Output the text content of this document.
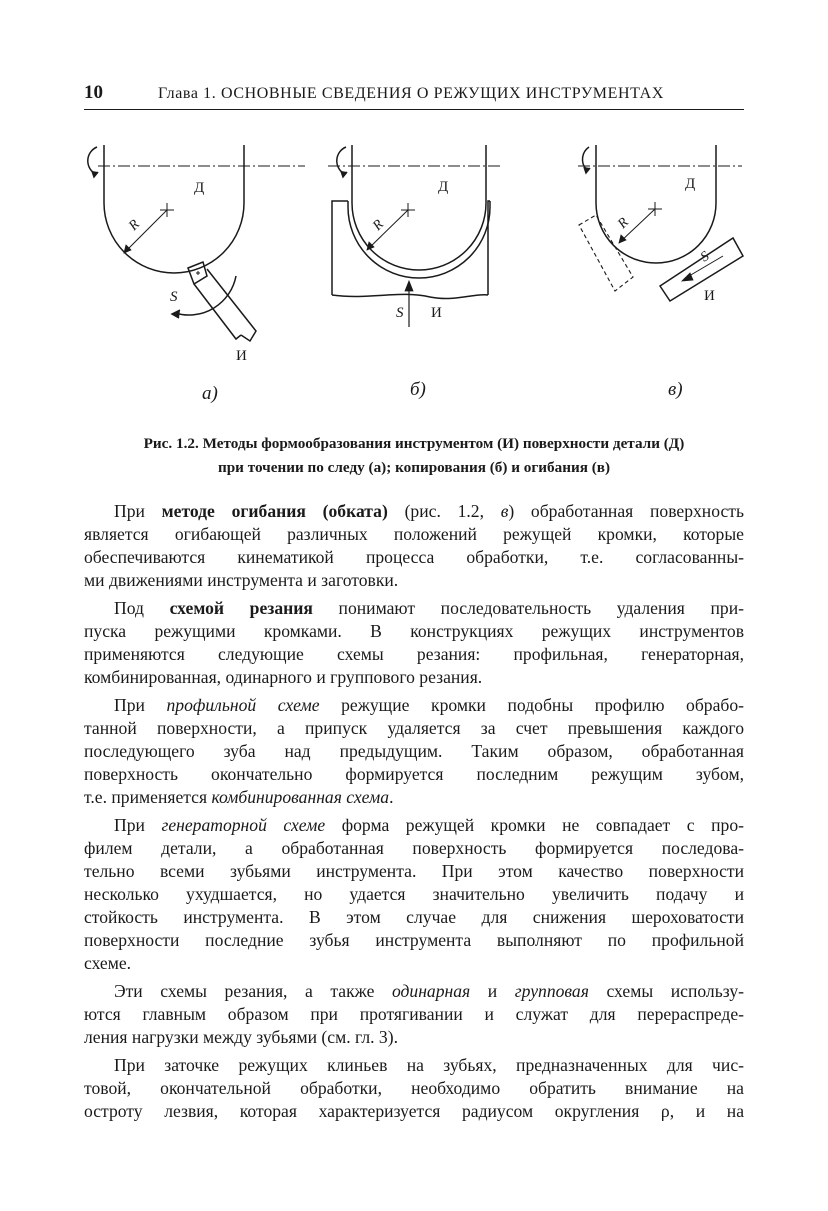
10	Глава 1. ОСНОВНЫЕ СВЕДЕНИЯ О РЕЖУЩИХ ИНСТРУМЕНТАХ
Д
R
S
И
а)
Д
R
S И
б)
Д
R
S
И
в)
Рис. 1.2. Методы формообразования инструментом (И) поверхности детали (Д)
при точении по следу (а); копирования (б) и огибания (в)

При методе огибания (обката) (рис. 1.2, в) обработанная поверхность
является огибающей различных положений режущей кромки, которые
обеспечиваются кинематикой процесса обработки, т.е. согласованны-
ми движениями инструмента и заготовки.

Под схемой резания понимают последовательность удаления при-
пуска режущими кромками. В конструкциях режущих инструментов
применяются следующие схемы резания: профильная, генераторная,
комбинированная, одинарного и группового резания.

При профильной схеме режущие кромки подобны профилю обрабо-
танной поверхности, а припуск удаляется за счет превышения каждого
последующего зуба над предыдущим. Таким образом, обработанная
поверхность окончательно формируется последним режущим зубом,
т.е. применяется комбинированная схема.

При генераторной схеме форма режущей кромки не совпадает с про-
филем детали, а обработанная поверхность формируется последова-
тельно всеми зубьями инструмента. При этом качество поверхности
несколько ухудшается, но удается значительно увеличить подачу и
стойкость инструмента. В этом случае для снижения шероховатости
поверхности последние зубья инструмента выполняют по профильной
схеме.

Эти схемы резания, а также одинарная и групповая схемы использу-
ются главным образом при протягивании и служат для перераспреде-
ления нагрузки между зубьями (см. гл. 3).

При заточке режущих клиньев на зубьях, предназначенных для чис-
товой, окончательной обработки, необходимо обратить внимание на
остроту лезвия, которая характеризуется радиусом округления ρ, и на
